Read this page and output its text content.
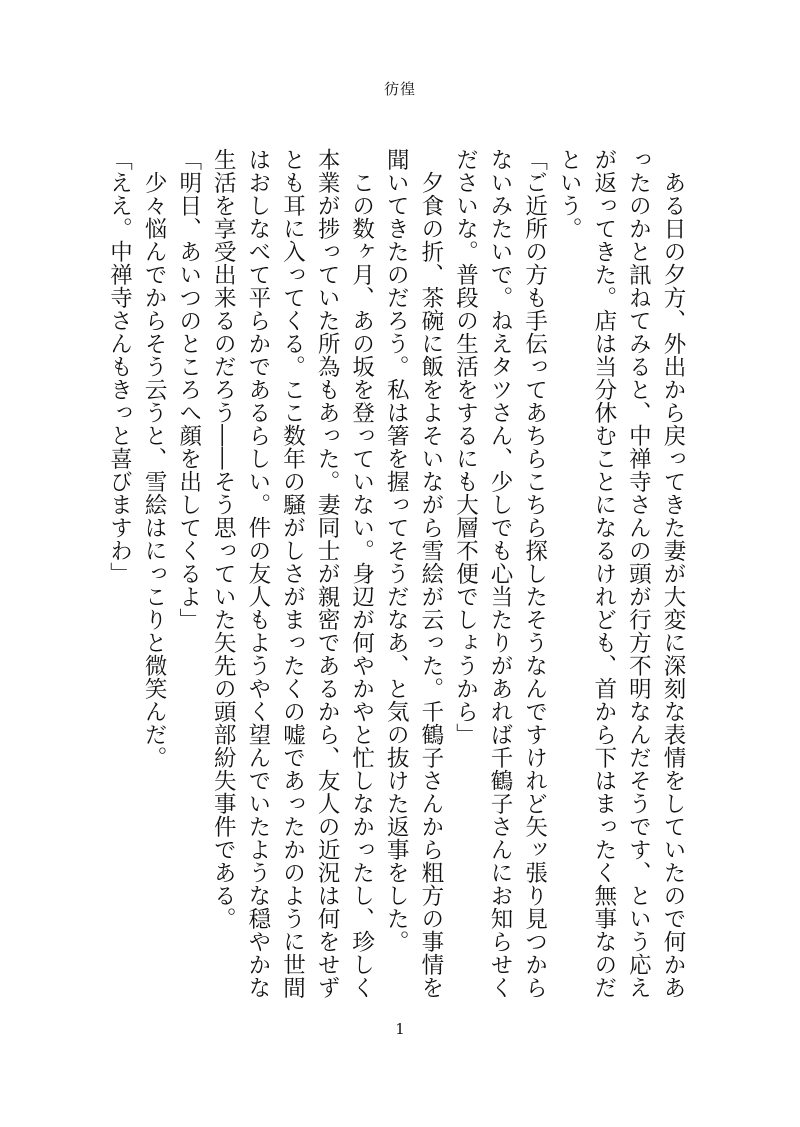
彷徨

ある日の夕方、外出から戻ってきた妻が大変に深刻な表情をしていたので何かあったのかと訊ねてみると、中禅寺さんの頭が行方不明なんだそうです、という応えが返ってきた。店は当分休むことになるけれども、首から下はまったく無事なのだという。

「ご近所の方も手伝ってあちらこちら探したそうなんですけれど矢ッ張り見つからないみたいで。ねえタツさん、少しでも心当たりがあれば千鶴子さんにお知らせくださいな。普段の生活をするにも大層不便でしょうから」

夕食の折、茶碗に飯をよそいながら雪絵が云った。千鶴子さんから粗方の事情を聞いてきたのだろう。私は箸を握ってそうだなあ、と気の抜けた返事をした。

この数ヶ月、あの坂を登っていない。身辺が何やかやと忙しなかったし、珍しく本業が捗っていた所為もあった。妻同士が親密であるから、友人の近況は何をせずとも耳に入ってくる。ここ数年の騒がしさがまったくの嘘であったかのように世間はおしなべて平らかであるらしい。件の友人もようやく望んでいたような穏やかな生活を享受出来るのだろう――そう思っていた矢先の頭部紛失事件である。

「明日、あいつのところへ顔を出してくるよ」

少々悩んでからそう云うと、雪絵はにっこりと微笑んだ。

「ええ。中禅寺さんもきっと喜びますわ」

1
